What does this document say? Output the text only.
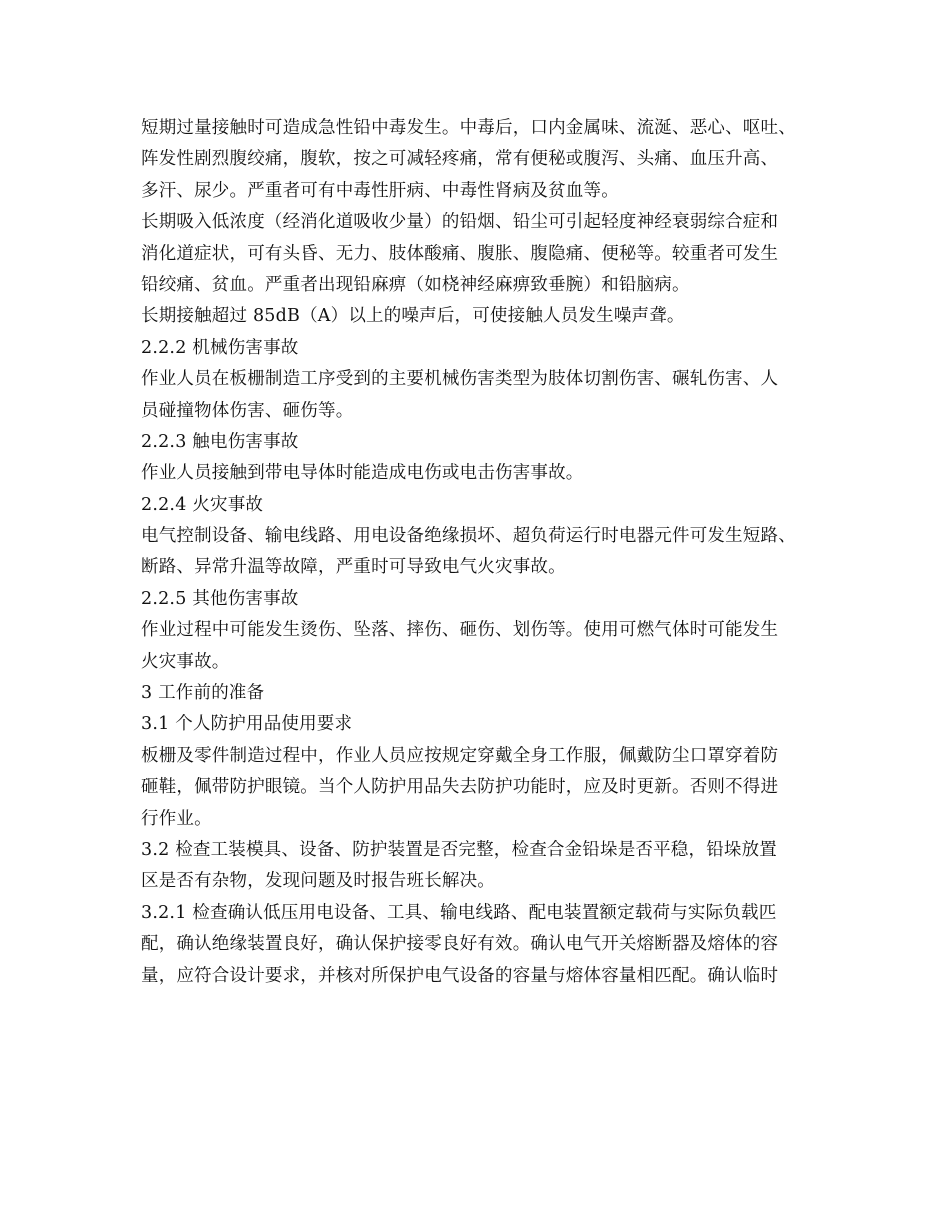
短期过量接触时可造成急性铅中毒发生。中毒后，口内金属味、流涎、恶心、呕吐、
阵发性剧烈腹绞痛，腹软，按之可减轻疼痛，常有便秘或腹泻、头痛、血压升高、
多汗、尿少。严重者可有中毒性肝病、中毒性肾病及贫血等。
长期吸入低浓度（经消化道吸收少量）的铅烟、铅尘可引起轻度神经衰弱综合症和
消化道症状，可有头昏、无力、肢体酸痛、腹胀、腹隐痛、便秘等。较重者可发生
铅绞痛、贫血。严重者出现铅麻痹（如桡神经麻痹致垂腕）和铅脑病。
长期接触超过 85dB（A）以上的噪声后，可使接触人员发生噪声聋。
2.2.2 机械伤害事故
作业人员在板栅制造工序受到的主要机械伤害类型为肢体切割伤害、碾轧伤害、人
员碰撞物体伤害、砸伤等。
2.2.3 触电伤害事故
作业人员接触到带电导体时能造成电伤或电击伤害事故。
2.2.4 火灾事故
电气控制设备、输电线路、用电设备绝缘损坏、超负荷运行时电器元件可发生短路、
断路、异常升温等故障，严重时可导致电气火灾事故。
2.2.5 其他伤害事故
作业过程中可能发生烫伤、坠落、摔伤、砸伤、划伤等。使用可燃气体时可能发生
火灾事故。
3 工作前的准备
3.1 个人防护用品使用要求
板栅及零件制造过程中，作业人员应按规定穿戴全身工作服，佩戴防尘口罩穿着防
砸鞋，佩带防护眼镜。当个人防护用品失去防护功能时，应及时更新。否则不得进
行作业。
3.2 检查工装模具、设备、防护装置是否完整，检查合金铅垛是否平稳，铅垛放置
区是否有杂物，发现问题及时报告班长解决。
3.2.1 检查确认低压用电设备、工具、输电线路、配电装置额定载荷与实际负载匹
配，确认绝缘装置良好，确认保护接零良好有效。确认电气开关熔断器及熔体的容
量，应符合设计要求，并核对所保护电气设备的容量与熔体容量相匹配。确认临时
